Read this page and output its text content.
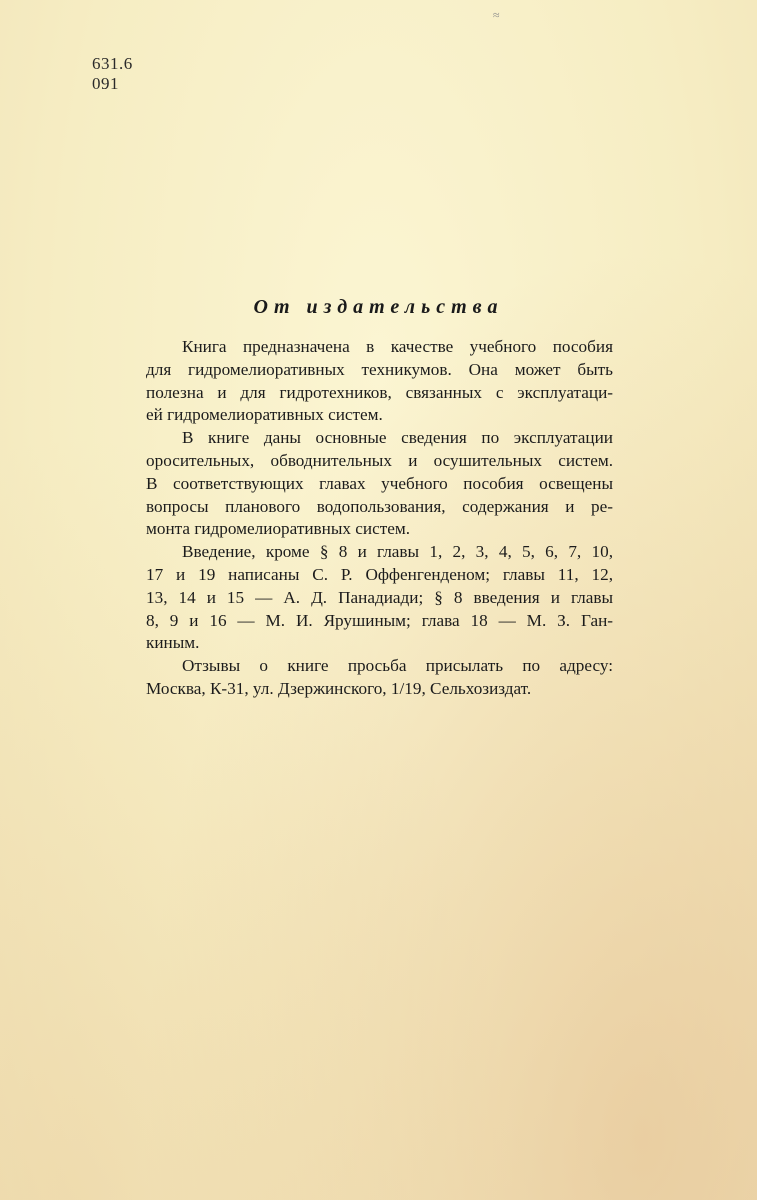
≈
631.6
091
От издательства
Книга предназначена в качестве учебного пособия
для гидромелиоративных техникумов. Она может быть
полезна и для гидротехников, связанных с эксплуатаци-
ей гидромелиоративных систем.
В книге даны основные сведения по эксплуатации
оросительных, обводнительных и осушительных систем.
В соответствующих главах учебного пособия освещены
вопросы планового водопользования, содержания и ре-
монта гидромелиоративных систем.
Введение, кроме § 8 и главы 1, 2, 3, 4, 5, 6, 7, 10,
17 и 19 написаны С. Р. Оффенгенденом; главы 11, 12,
13, 14 и 15 — А. Д. Панадиади; § 8 введения и главы
8, 9 и 16 — М. И. Ярушиным; глава 18 — М. З. Ган-
киным.
Отзывы о книге просьба присылать по адресу:
Москва, К-31, ул. Дзержинского, 1/19, Сельхозиздат.
